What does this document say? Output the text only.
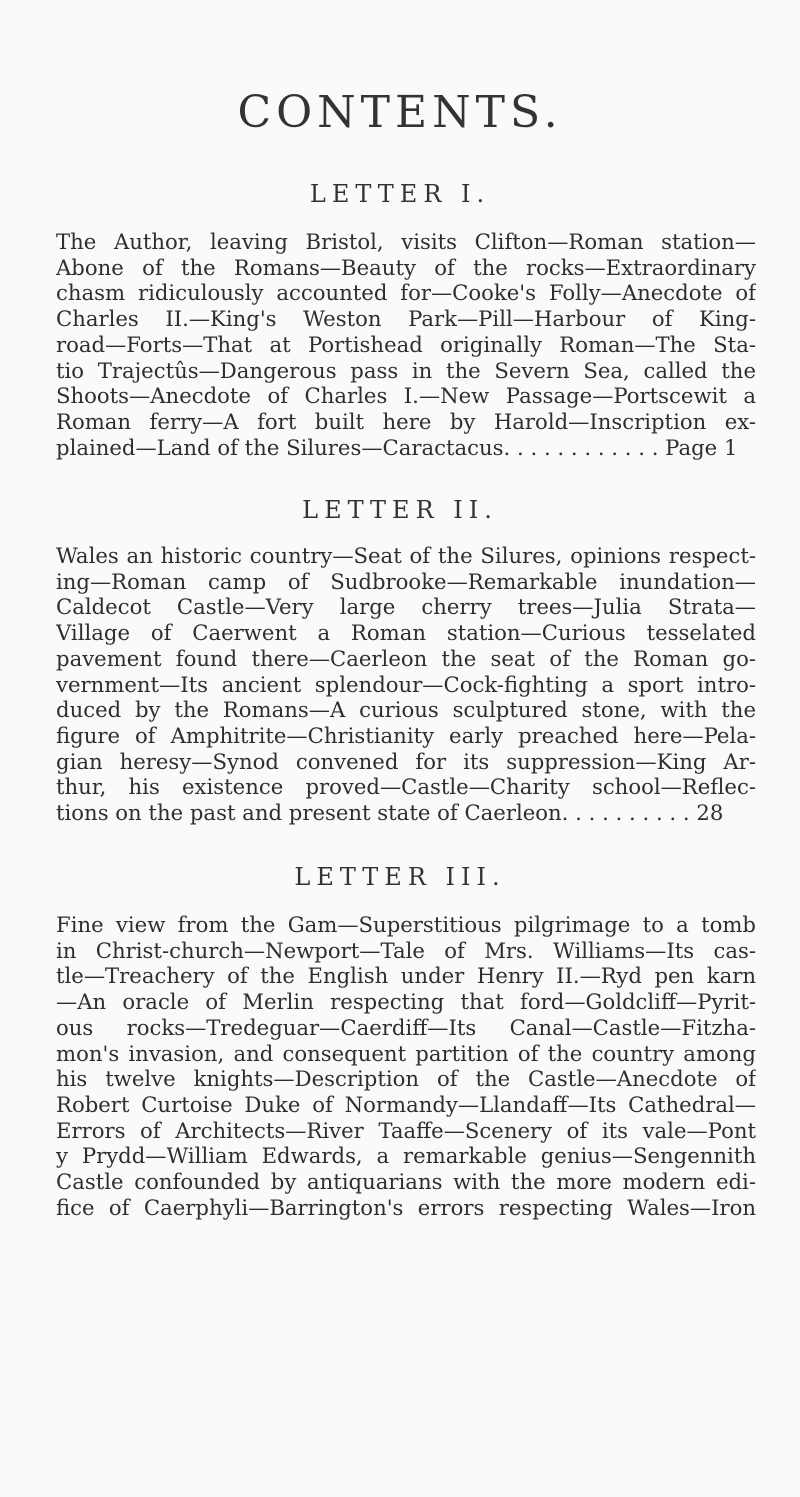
CONTENTS.
LETTER I.
The Author, leaving Bristol, visits Clifton—Roman station—
Abone of the Romans—Beauty of the rocks—Extraordinary
chasm ridiculously accounted for—Cooke's Folly—Anecdote of
Charles II.—King's Weston Park—Pill—Harbour of King-
road—Forts—That at Portishead originally Roman—The Sta-
tio Trajectûs—Dangerous pass in the Severn Sea, called the
Shoots—Anecdote of Charles I.—New Passage—Portscewit a
Roman ferry—A fort built here by Harold—Inscription ex-
plained—Land of the Silures—Caractacus. . . . . . . . . . . . Page 1
LETTER II.
Wales an historic country—Seat of the Silures, opinions respect-
ing—Roman camp of Sudbrooke—Remarkable inundation—
Caldecot Castle—Very large cherry trees—Julia Strata—
Village of Caerwent a Roman station—Curious tesselated
pavement found there—Caerleon the seat of the Roman go-
vernment—Its ancient splendour—Cock-fighting a sport intro-
duced by the Romans—A curious sculptured stone, with the
figure of Amphitrite—Christianity early preached here—Pela-
gian heresy—Synod convened for its suppression—King Ar-
thur, his existence proved—Castle—Charity school—Reflec-
tions on the past and present state of Caerleon. . . . . . . . . . 28
LETTER III.
Fine view from the Gam—Superstitious pilgrimage to a tomb
in Christ-church—Newport—Tale of Mrs. Williams—Its cas-
tle—Treachery of the English under Henry II.—Ryd pen karn
—An oracle of Merlin respecting that ford—Goldcliff—Pyrit-
ous rocks—Tredeguar—Caerdiff—Its Canal—Castle—Fitzha-
mon's invasion, and consequent partition of the country among
his twelve knights—Description of the Castle—Anecdote of
Robert Curtoise Duke of Normandy—Llandaff—Its Cathedral—
Errors of Architects—River Taaffe—Scenery of its vale—Pont
y Prydd—William Edwards, a remarkable genius—Sengennith
Castle confounded by antiquarians with the more modern edi-
fice of Caerphyli—Barrington's errors respecting Wales—Iron
